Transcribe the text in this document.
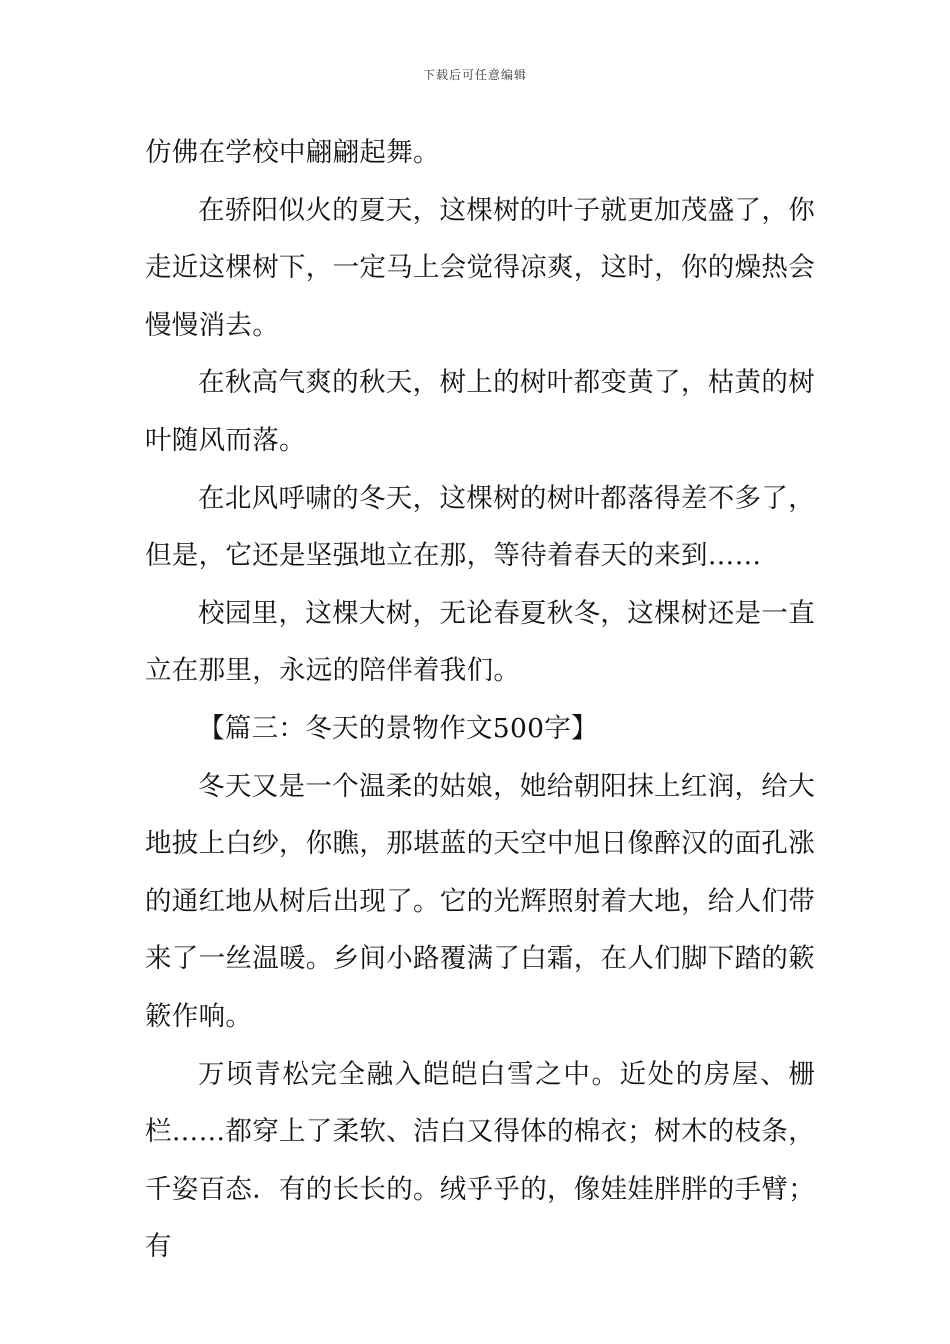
下载后可任意编辑

仿佛在学校中翩翩起舞。

在骄阳似火的夏天，这棵树的叶子就更加茂盛了，你走近这棵树下，一定马上会觉得凉爽，这时，你的燥热会慢慢消去。

在秋高气爽的秋天，树上的树叶都变黄了，枯黄的树叶随风而落。

在北风呼啸的冬天，这棵树的树叶都落得差不多了，但是，它还是坚强地立在那，等待着春天的来到……

校园里，这棵大树，无论春夏秋冬，这棵树还是一直立在那里，永远的陪伴着我们。

【篇三：冬天的景物作文500字】

冬天又是一个温柔的姑娘，她给朝阳抹上红润，给大地披上白纱，你瞧，那堪蓝的天空中旭日像醉汉的面孔涨的通红地从树后出现了。它的光辉照射着大地，给人们带来了一丝温暖。乡间小路覆满了白霜，在人们脚下踏的簌簌作响。

万顷青松完全融入皑皑白雪之中。近处的房屋、栅栏……都穿上了柔软、洁白又得体的棉衣；树木的枝条，千姿百态．有的长长的。绒乎乎的，像娃娃胖胖的手臂；有
